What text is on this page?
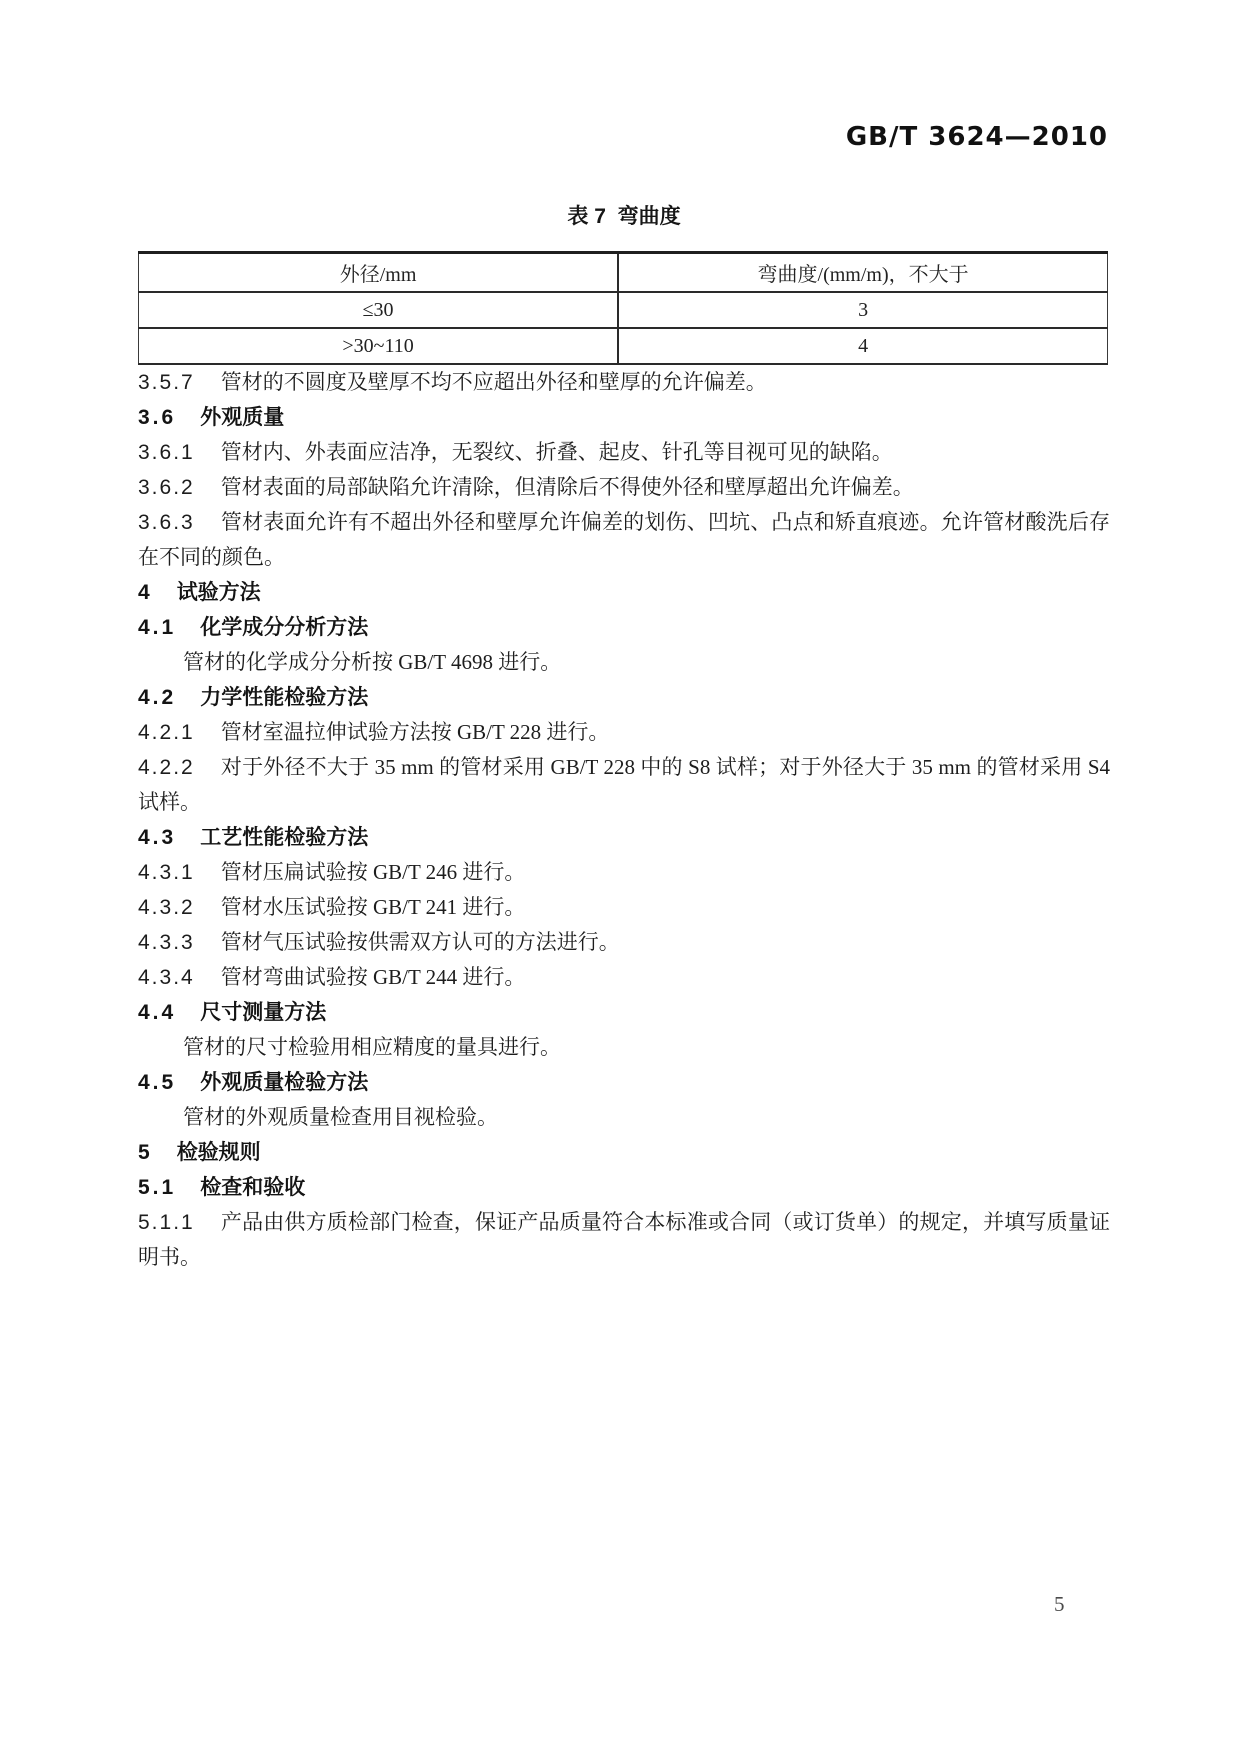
GB/T 3624—2010
表 7  弯曲度
外径/mm	弯曲度/(mm/m)，不大于
≤30	3
>30~110	4

3.5.7 管材的不圆度及壁厚不均不应超出外径和壁厚的允许偏差。

3.6 外观质量

3.6.1 管材内、外表面应洁净，无裂纹、折叠、起皮、针孔等目视可见的缺陷。

3.6.2 管材表面的局部缺陷允许清除，但清除后不得使外径和壁厚超出允许偏差。

3.6.3 管材表面允许有不超出外径和壁厚允许偏差的划伤、凹坑、凸点和矫直痕迹。允许管材酸洗后存在不同的颜色。

4 试验方法

4.1 化学成分分析方法

管材的化学成分分析按 GB/T 4698 进行。

4.2 力学性能检验方法

4.2.1 管材室温拉伸试验方法按 GB/T 228 进行。

4.2.2 对于外径不大于 35 mm 的管材采用 GB/T 228 中的 S8 试样；对于外径大于 35 mm 的管材采用 S4 试样。

4.3 工艺性能检验方法

4.3.1 管材压扁试验按 GB/T 246 进行。

4.3.2 管材水压试验按 GB/T 241 进行。

4.3.3 管材气压试验按供需双方认可的方法进行。

4.3.4 管材弯曲试验按 GB/T 244 进行。

4.4 尺寸测量方法

管材的尺寸检验用相应精度的量具进行。

4.5 外观质量检验方法

管材的外观质量检查用目视检验。

5 检验规则

5.1 检查和验收

5.1.1 产品由供方质检部门检查，保证产品质量符合本标准或合同（或订货单）的规定，并填写质量证明书。

5
